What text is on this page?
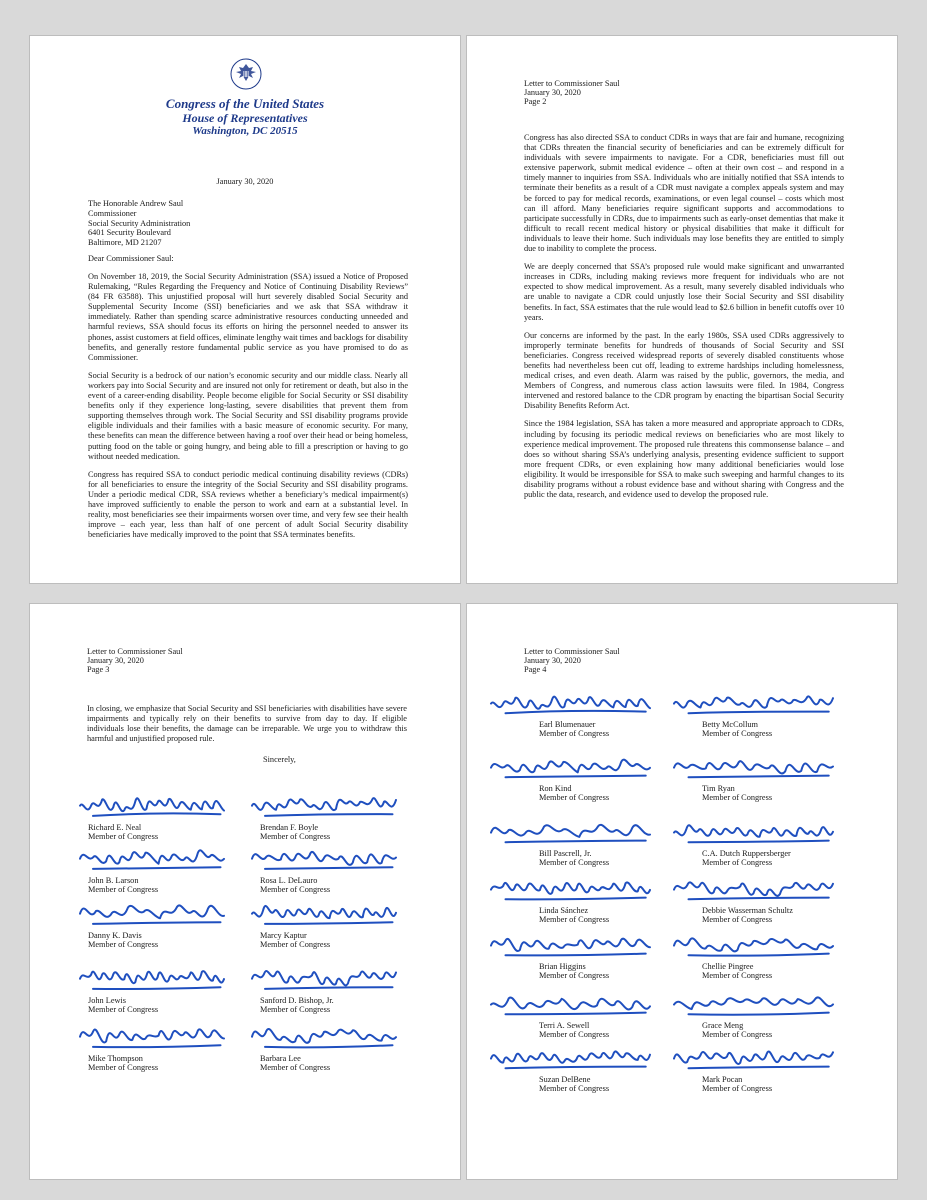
Congress of the United States
House of Representatives
Washington, DC 20515
January 30, 2020
The Honorable Andrew Saul
Commissioner
Social Security Administration
6401 Security Boulevard
Baltimore, MD 21207
Dear Commissioner Saul:

On November 18, 2019, the Social Security Administration (SSA) issued a Notice of Proposed Rulemaking, “Rules Regarding the Frequency and Notice of Continuing Disability Reviews” (84 FR 63588). This unjustified proposal will hurt severely disabled Social Security and Supplemental Security Income (SSI) beneficiaries and we ask that SSA withdraw it immediately. Rather than spending scarce administrative resources conducting unneeded and harmful reviews, SSA should focus its efforts on hiring the personnel needed to answer its phones, assist customers at field offices, eliminate lengthy wait times and backlogs for disability benefits, and generally restore fundamental public service as you have promised to do as Commissioner.

Social Security is a bedrock of our nation’s economic security and our middle class. Nearly all workers pay into Social Security and are insured not only for retirement or death, but also in the event of a career-ending disability. People become eligible for Social Security or SSI disability benefits only if they experience long-lasting, severe disabilities that prevent them from supporting themselves through work. The Social Security and SSI disability programs provide eligible individuals and their families with a basic measure of economic security. For many, these benefits can mean the difference between having a roof over their head or being homeless, putting food on the table or going hungry, and being able to fill a prescription or having to go without needed medication.

Congress has required SSA to conduct periodic medical continuing disability reviews (CDRs) for all beneficiaries to ensure the integrity of the Social Security and SSI disability programs. Under a periodic medical CDR, SSA reviews whether a beneficiary’s medical impairment(s) have improved sufficiently to enable the person to work and earn at a substantial level. In reality, most beneficiaries see their impairments worsen over time, and very few see their health improve – each year, less than half of one percent of adult Social Security disability beneficiaries have medically improved to the point that SSA terminates benefits.

Letter to Commissioner Saul
January 30, 2020
Page 2

Congress has also directed SSA to conduct CDRs in ways that are fair and humane, recognizing that CDRs threaten the financial security of beneficiaries and can be extremely difficult for individuals with severe impairments to navigate. For a CDR, beneficiaries must fill out extensive paperwork, submit medical evidence – often at their own cost – and respond in a timely manner to inquiries from SSA. Individuals who are initially notified that SSA intends to terminate their benefits as a result of a CDR must navigate a complex appeals system and may be forced to pay for medical records, examinations, or even legal counsel – costs which most can ill afford. Many beneficiaries require significant supports and accommodations to participate successfully in CDRs, due to impairments such as early-onset dementias that make it difficult to recall recent medical history or physical disabilities that make it difficult for individuals to leave their home. Such individuals may lose benefits they are entitled to simply due to inability to complete the process.

We are deeply concerned that SSA’s proposed rule would make significant and unwarranted increases in CDRs, including making reviews more frequent for individuals who are not expected to show medical improvement. As a result, many severely disabled individuals who are unable to navigate a CDR could unjustly lose their Social Security and SSI disability benefits. In fact, SSA estimates that the rule would lead to $2.6 billion in benefit cutoffs over 10 years.

Our concerns are informed by the past. In the early 1980s, SSA used CDRs aggressively to improperly terminate benefits for hundreds of thousands of Social Security and SSI beneficiaries. Congress received widespread reports of severely disabled constituents whose benefits had nevertheless been cut off, leading to extreme hardships including homelessness, medical crises, and even death. Alarm was raised by the public, governors, the media, and Members of Congress, and numerous class action lawsuits were filed. In 1984, Congress intervened and restored balance to the CDR program by enacting the bipartisan Social Security Disability Benefits Reform Act.

Since the 1984 legislation, SSA has taken a more measured and appropriate approach to CDRs, including by focusing its periodic medical reviews on beneficiaries who are most likely to experience medical improvement. The proposed rule threatens this commonsense balance – and does so without sharing SSA’s underlying analysis, presenting evidence sufficient to support more frequent CDRs, or even explaining how many additional beneficiaries would lose eligibility. It would be irresponsible for SSA to make such sweeping and harmful changes to its disability programs without a robust evidence base and without sharing with Congress and the public the data, research, and evidence used to develop the proposed rule.

Letter to Commissioner Saul
January 30, 2020
Page 3

In closing, we emphasize that Social Security and SSI beneficiaries with disabilities have severe impairments and typically rely on their benefits to survive from day to day. If eligible individuals lose their benefits, the damage can be irreparable. We urge you to withdraw this harmful and unjustified proposed rule.

Sincerely,
Richard E. Neal
Member of Congress
Brendan F. Boyle
Member of Congress
John B. Larson
Member of Congress
Rosa L. DeLauro
Member of Congress
Danny K. Davis
Member of Congress
Marcy Kaptur
Member of Congress
John Lewis
Member of Congress
Sanford D. Bishop, Jr.
Member of Congress
Mike Thompson
Member of Congress
Barbara Lee
Member of Congress
Letter to Commissioner Saul
January 30, 2020
Page 4
Earl Blumenauer
Member of Congress
Betty McCollum
Member of Congress
Ron Kind
Member of Congress
Tim Ryan
Member of Congress
Bill Pascrell, Jr.
Member of Congress
C.A. Dutch Ruppersberger
Member of Congress
Linda Sánchez
Member of Congress
Debbie Wasserman Schultz
Member of Congress
Brian Higgins
Member of Congress
Chellie Pingree
Member of Congress
Terri A. Sewell
Member of Congress
Grace Meng
Member of Congress
Suzan DelBene
Member of Congress
Mark Pocan
Member of Congress
